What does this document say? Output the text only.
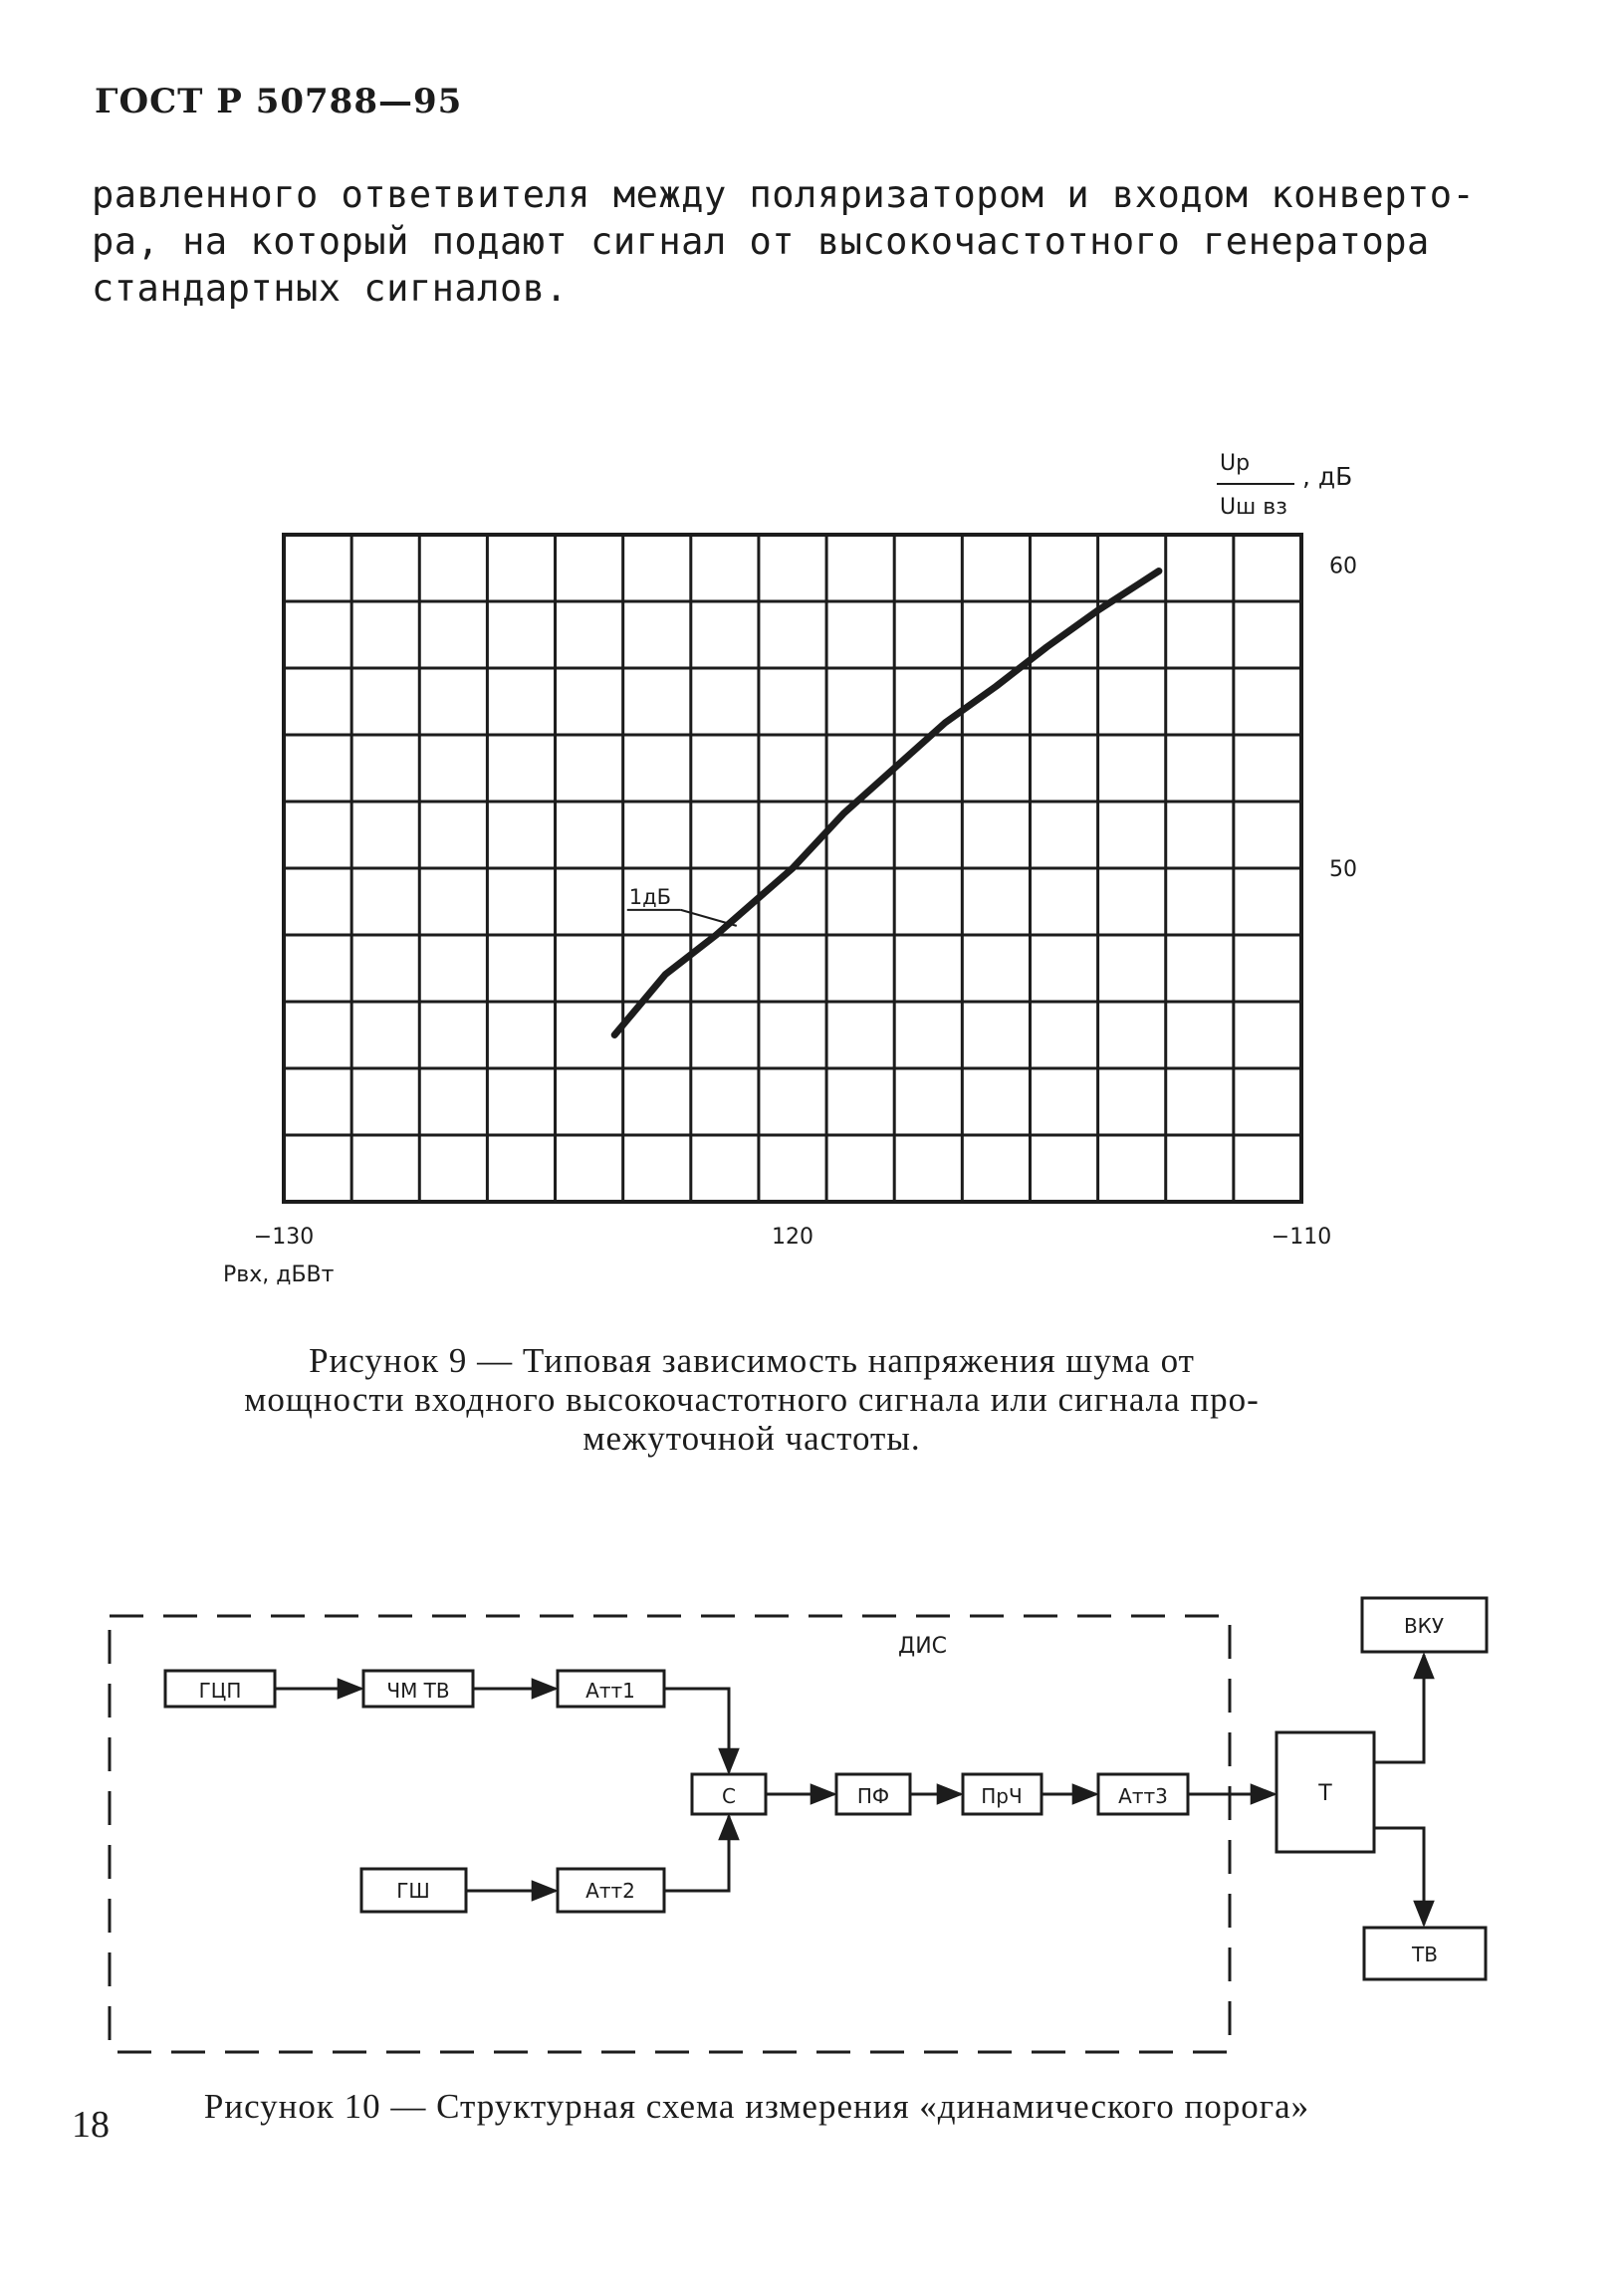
ГОСТ Р 50788—95
равленного ответвителя между поляризатором и входом конверто-
ра, на который подают сигнал от высокочастотного генератора
стандартных сигналов.
1дБ
Uр
Uш вз
, дБ
60
50
−130	120	−110
Pвх, дБВт
ДИС
ГЦП	ЧМ ТВ	Атт1
С	ПФ	ПрЧ	Атт3	Т
ВКУ
ТВ
ГШ	Атт2
Рисунок 9 — Типовая зависимость напряжения шума от
мощности входного высокочастотного сигнала или сигнала про-
межуточной частоты.
Рисунок 10 — Структурная схема измерения «динамического порога»
18
